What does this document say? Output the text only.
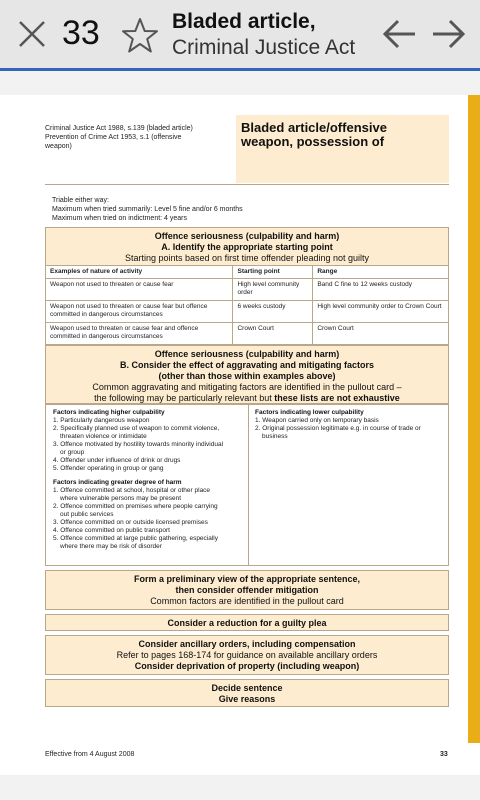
33	Bladed article,
Criminal Justice Act
Criminal Justice Act 1988, s.139 (bladed article)
Prevention of Crime Act 1953, s.1 (offensive
weapon)
Bladed article/offensive
weapon, possession of
Triable either way:
Maximum when tried summarily: Level 5 fine and/or 6 months
Maximum when tried on indictment: 4 years
Offence seriousness (culpability and harm)
A. Identify the appropriate starting point
Starting points based on first time offender pleading not guilty
Examples of nature of activity	Starting point	Range
Weapon not used to threaten or cause fear	High level community order	Band C fine to 12 weeks custody
Weapon not used to threaten or cause fear but offence committed in dangerous circumstances	6 weeks custody	High level community order to Crown Court
Weapon used to threaten or cause fear and offence committed in dangerous circumstances	Crown Court	Crown Court
Offence seriousness (culpability and harm)
B. Consider the effect of aggravating and mitigating factors
(other than those within examples above)
Common aggravating and mitigating factors are identified in the pullout card –
the following may be particularly relevant but these lists are not exhaustive
Factors indicating higher culpability
1. Particularly dangerous weapon
2. Specifically planned use of weapon to commit violence,
threaten violence or intimidate
3. Offence motivated by hostility towards minority individual
or group
4. Offender under influence of drink or drugs
5. Offender operating in group or gang
Factors indicating greater degree of harm
1. Offence committed at school, hospital or other place
where vulnerable persons may be present
2. Offence committed on premises where people carrying
out public services
3. Offence committed on or outside licensed premises
4. Offence committed on public transport
5. Offence committed at large public gathering, especially
where there may be risk of disorder
Factors indicating lower culpability
1. Weapon carried only on temporary basis
2. Original possession legitimate e.g. in course of trade or
business
Form a preliminary view of the appropriate sentence,
then consider offender mitigation
Common factors are identified in the pullout card
Consider a reduction for a guilty plea
Consider ancillary orders, including compensation
Refer to pages 168-174 for guidance on available ancillary orders
Consider deprivation of property (including weapon)
Decide sentence
Give reasons
Effective from 4 August 2008	33
